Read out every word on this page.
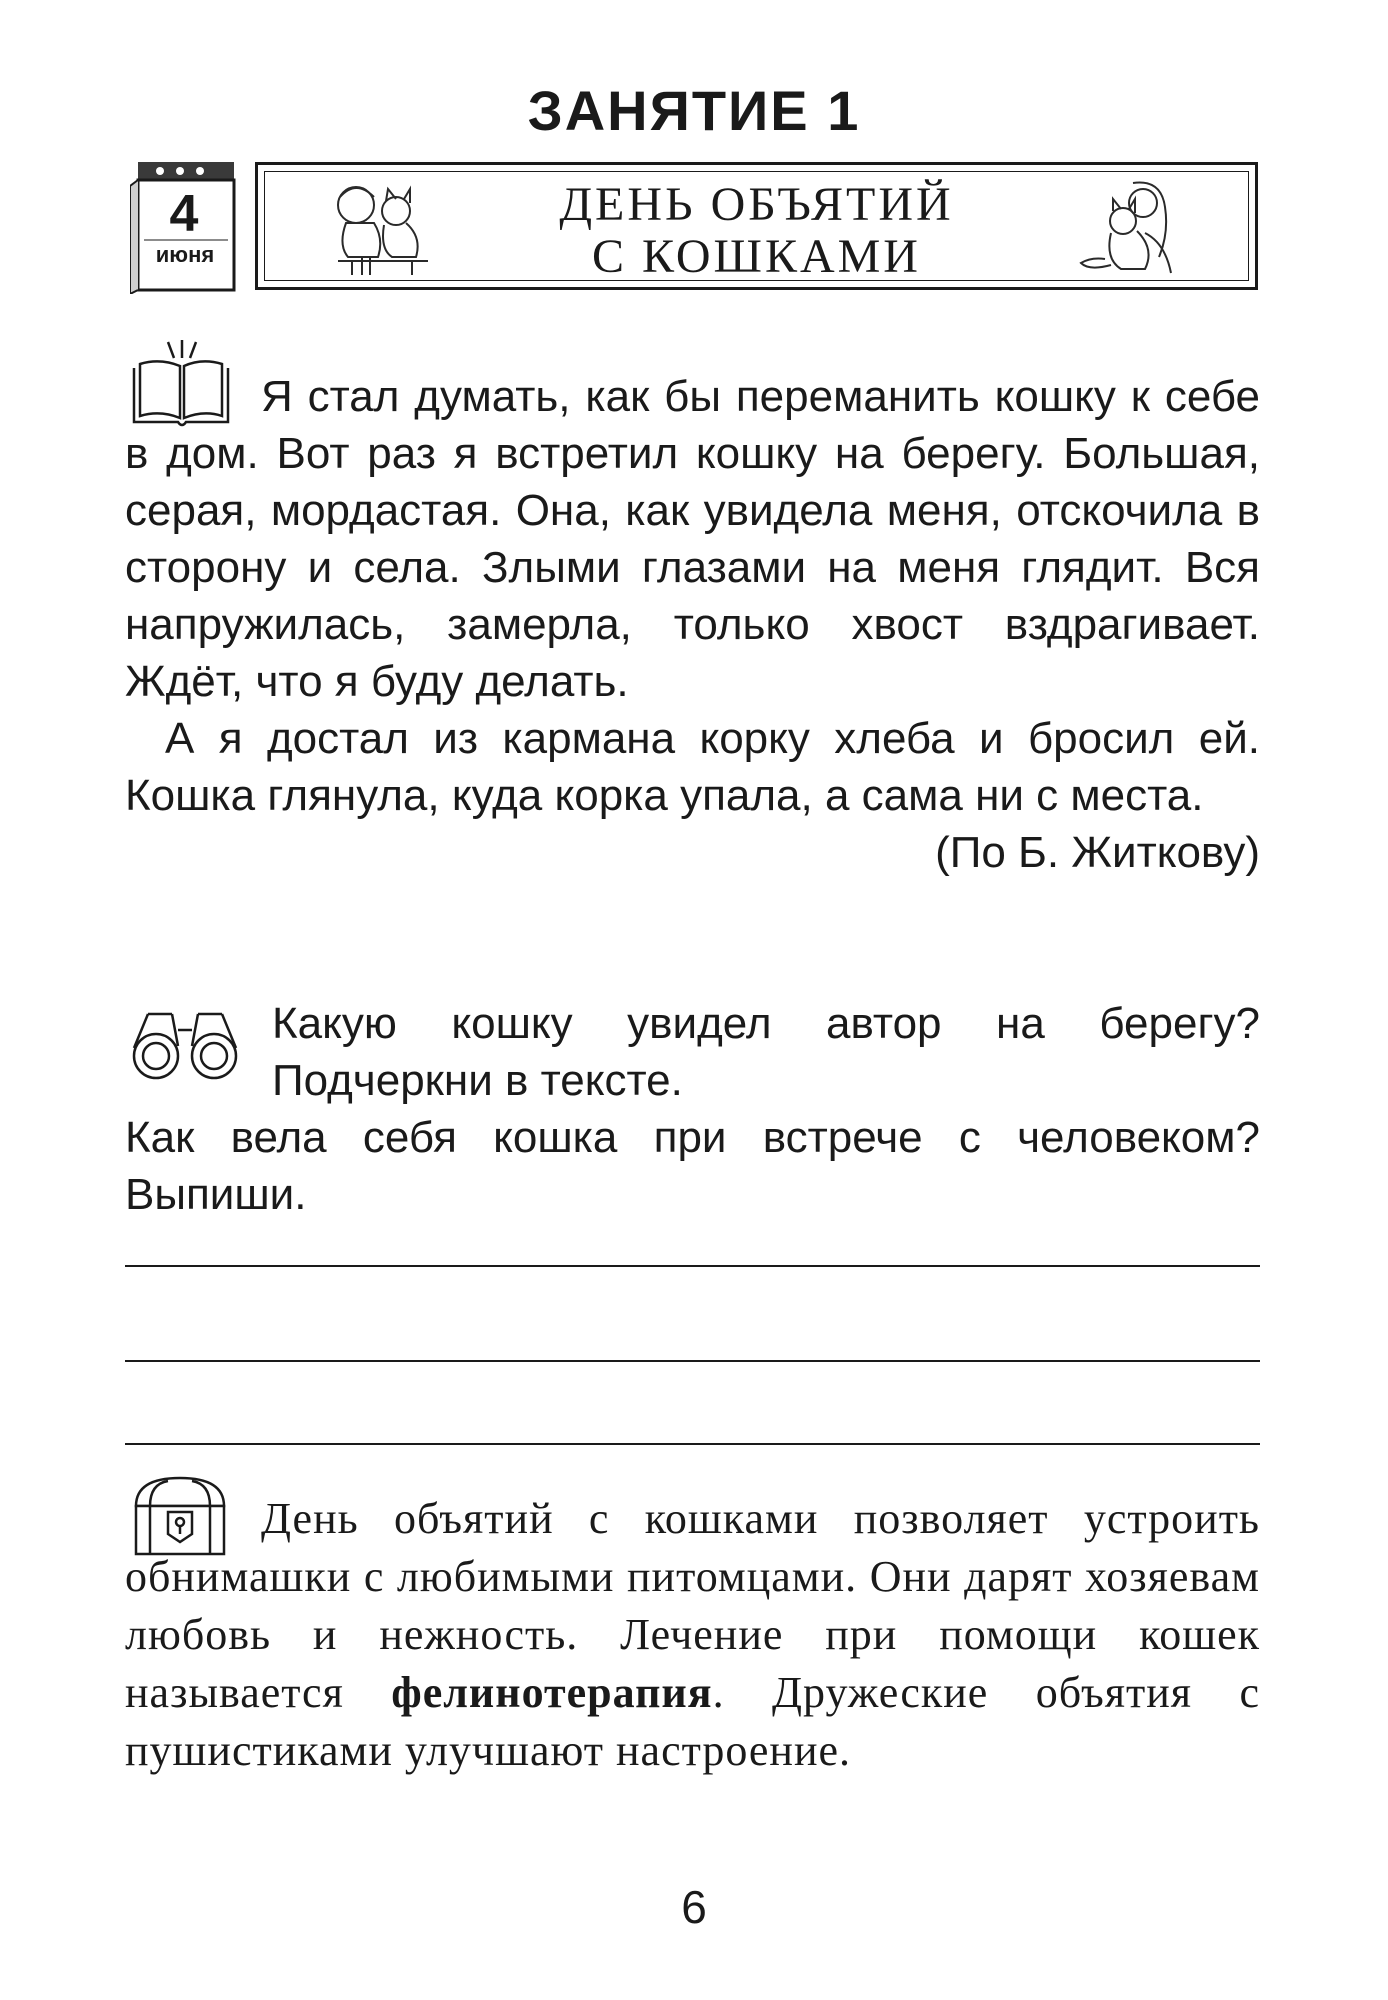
ЗАНЯТИЕ 1
4
июня
ДЕНЬ ОБЪЯТИЙ
С КОШКАМИ

Я стал думать, как бы переманить кошку к себе в дом. Вот раз я встретил кошку на берегу. Большая, серая, мордастая. Она, как увидела меня, отскочила в сторону и села. Злыми глазами на меня глядит. Вся напружилась, замерла, только хвост вздрагивает. Ждёт, что я буду делать.

А я достал из кармана корку хлеба и бросил ей. Кошка глянула, куда корка упала, а сама ни с места.

(По Б. Житкову)
Какую кошку увидел автор на берегу? Подчеркни в тексте.
Как вела себя кошка при встрече с человеком? Выпиши.
День объятий с кошками позволяет устроить обнимашки с любимыми питомцами. Они дарят хозяевам любовь и нежность. Лечение при помощи кошек называется фелинотерапия. Дружеские объятия с пушистиками улучшают настроение.
6
